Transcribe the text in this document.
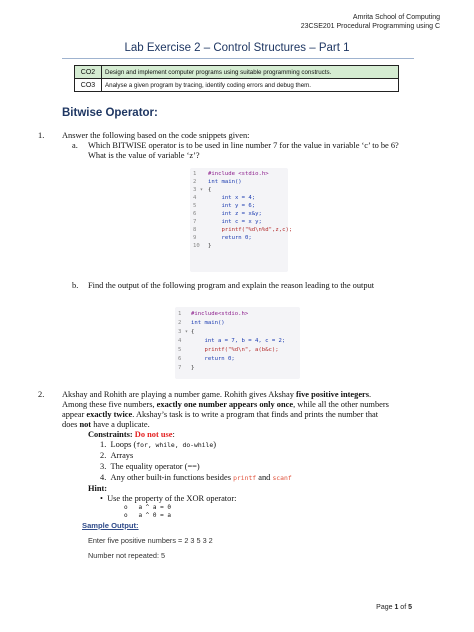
Amrita School of Computing
23CSE201 Procedural Programming using C
Lab Exercise 2 – Control Structures – Part 1
CO2	Design and implement computer programs using suitable programming constructs.
CO3	Analyse a given program by tracing, identify coding errors and debug them.
Bitwise Operator:
1. Answer the following based on the code snippets given:
a. Which BITWISE operator is to be used in line number 7 for the value in variable ‘c’ to be 6?
What is the value of variable ‘z’?
1 #include <stdio.h>
2 int main()
3 ▾ {
4 int x = 4;
5 int y = 6;
6 int z = x&y;
7 int c = x y;
8 printf("%d\n%d",z,c);
9 return 0;
10 }
b. Find the output of the following program and explain the reason leading to the output
1 #include<stdio.h>
2 int main()
3 ▾ {
4 int a = 7, b = 4, c = 2;
5 printf("%d\n", a(b&c);
6 return 0;
7 }
2. Akshay and Rohith are playing a number game. Rohith gives Akshay five positive integers.
Among these five numbers, exactly one number appears only once, while all the other numbers
appear exactly twice. Akshay’s task is to write a program that finds and prints the number that
does not have a duplicate.
Constraints: Do not use:
1. Loops (for, while, do-while)
2. Arrays
3. The equality operator (==)
4. Any other built-in functions besides printf and scanf
Hint:
• Use the property of the XOR operator:
o   a ^ a = 0
o   a ^ 0 = a
Sample Output:
Enter five positive numbers = 2 3 5 3 2
Number not repeated: 5
Page 1 of 5
